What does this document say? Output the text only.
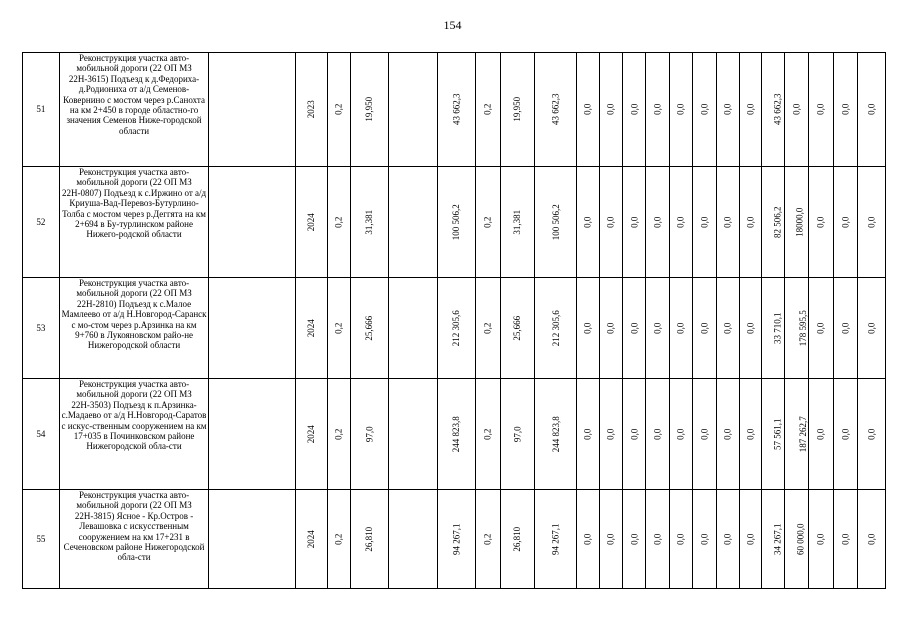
154
51	Реконструкция участка авто-мобильной дороги (22 ОП МЗ 22Н-3615) Подъезд к д.Федориха-д.Родиониха от а/д Семенов-Ковернино с мостом через р.Санохта на км 2+450 в городе областно-го значения Семенов Ниже-городской области		2023	0,2	19,950		43 662,3	0,2	19,950	43 662,3	0,0	0,0	0,0	0,0	0,0	0,0	0,0	0,0	43 662,3	0,0	0,0	0,0	0,0
52	Реконструкция участка авто-мобильной дороги (22 ОП МЗ 22Н-0807) Подъезд к с.Иржино от а/д Криуша-Вад-Перевоз-Бутурлино-Толба с мостом через р.Деггята на км 2+694 в Бу-турлинском районе Нижего-родской области		2024	0,2	31,381		100 506,2	0,2	31,381	100 506,2	0,0	0,0	0,0	0,0	0,0	0,0	0,0	0,0	82 506,2	18000,0	0,0	0,0	0,0
53	Реконструкция участка авто-мобильной дороги (22 ОП МЗ 22Н-2810) Подъезд к с.Малое Мамлеево от а/д Н.Новгород-Саранск с мо-стом через р.Арзинка на км 9+760 в Лукояновском райо-не Нижегородской области		2024	0,2	25,666		212 305,6	0,2	25,666	212 305,6	0,0	0,0	0,0	0,0	0,0	0,0	0,0	0,0	33 710,1	178 595,5	0,0	0,0	0,0
54	Реконструкция участка авто-мобильной дороги (22 ОП МЗ 22Н-3503) Подъезд к п.Арзинка-с.Мадаево от а/д Н.Новгород-Саратов с искус-ственным сооружением на км 17+035 в Починковском районе Нижегородской обла-сти		2024	0,2	97,0		244 823,8	0,2	97,0	244 823,8	0,0	0,0	0,0	0,0	0,0	0,0	0,0	0,0	57 561,1	187 262,7	0,0	0,0	0,0
55	Реконструкция участка авто-мобильной дороги (22 ОП МЗ 22Н-3815) Ясное - Кр.Остров - Левашовка с искусственным сооружением на км 17+231 в Сеченовском районе Нижегородской обла-сти		2024	0,2	26,810		94 267,1	0,2	26,810	94 267,1	0,0	0,0	0,0	0,0	0,0	0,0	0,0	0,0	34 267,1	60 000,0	0,0	0,0	0,0
